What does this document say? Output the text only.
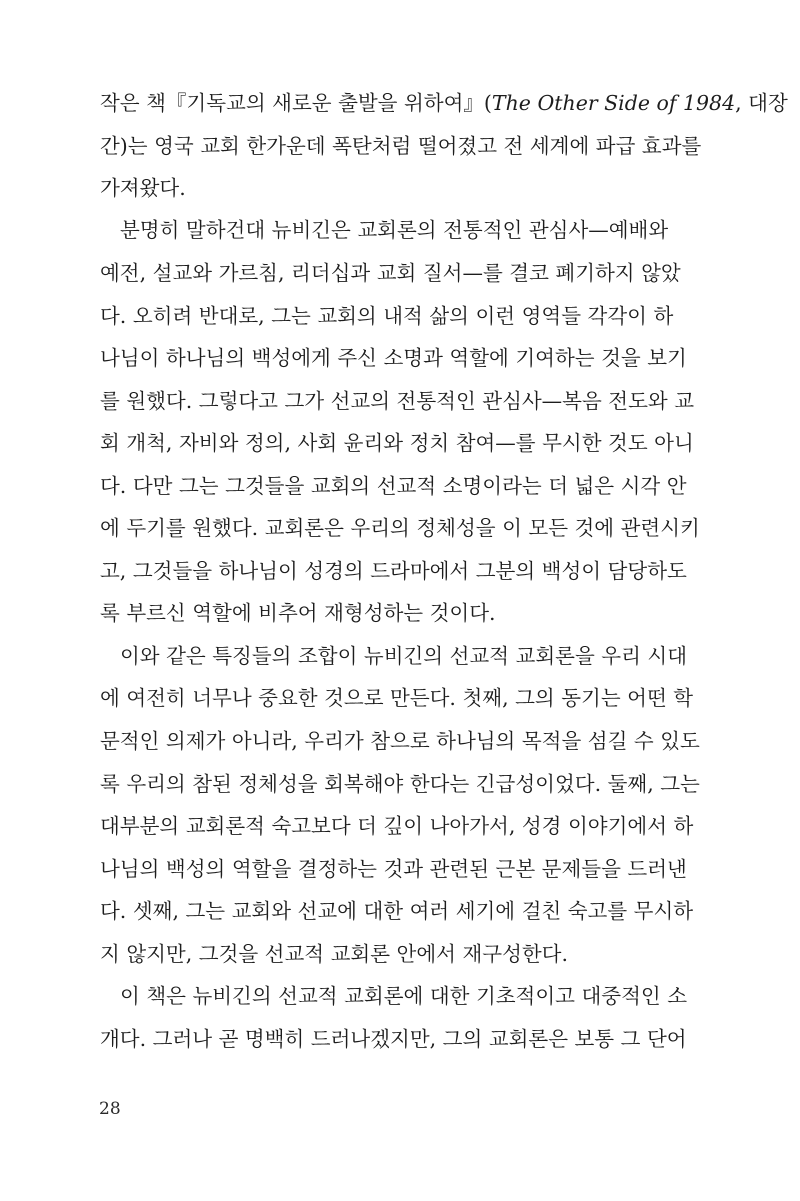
작은 책『기독교의 새로운 출발을 위하여』(The Other Side of 1984, 대장
간)는 영국 교회 한가운데 폭탄처럼 떨어졌고 전 세계에 파급 효과를
가져왔다.
분명히 말하건대 뉴비긴은 교회론의 전통적인 관심사—예배와
예전, 설교와 가르침, 리더십과 교회 질서—를 결코 폐기하지 않았
다. 오히려 반대로, 그는 교회의 내적 삶의 이런 영역들 각각이 하
나님이 하나님의 백성에게 주신 소명과 역할에 기여하는 것을 보기
를 원했다. 그렇다고 그가 선교의 전통적인 관심사—복음 전도와 교
회 개척, 자비와 정의, 사회 윤리와 정치 참여—를 무시한 것도 아니
다. 다만 그는 그것들을 교회의 선교적 소명이라는 더 넓은 시각 안
에 두기를 원했다. 교회론은 우리의 정체성을 이 모든 것에 관련시키
고, 그것들을 하나님이 성경의 드라마에서 그분의 백성이 담당하도
록 부르신 역할에 비추어 재형성하는 것이다.
이와 같은 특징들의 조합이 뉴비긴의 선교적 교회론을 우리 시대
에 여전히 너무나 중요한 것으로 만든다. 첫째, 그의 동기는 어떤 학
문적인 의제가 아니라, 우리가 참으로 하나님의 목적을 섬길 수 있도
록 우리의 참된 정체성을 회복해야 한다는 긴급성이었다. 둘째, 그는
대부분의 교회론적 숙고보다 더 깊이 나아가서, 성경 이야기에서 하
나님의 백성의 역할을 결정하는 것과 관련된 근본 문제들을 드러낸
다. 셋째, 그는 교회와 선교에 대한 여러 세기에 걸친 숙고를 무시하
지 않지만, 그것을 선교적 교회론 안에서 재구성한다.
이 책은 뉴비긴의 선교적 교회론에 대한 기초적이고 대중적인 소
개다. 그러나 곧 명백히 드러나겠지만, 그의 교회론은 보통 그 단어
28
